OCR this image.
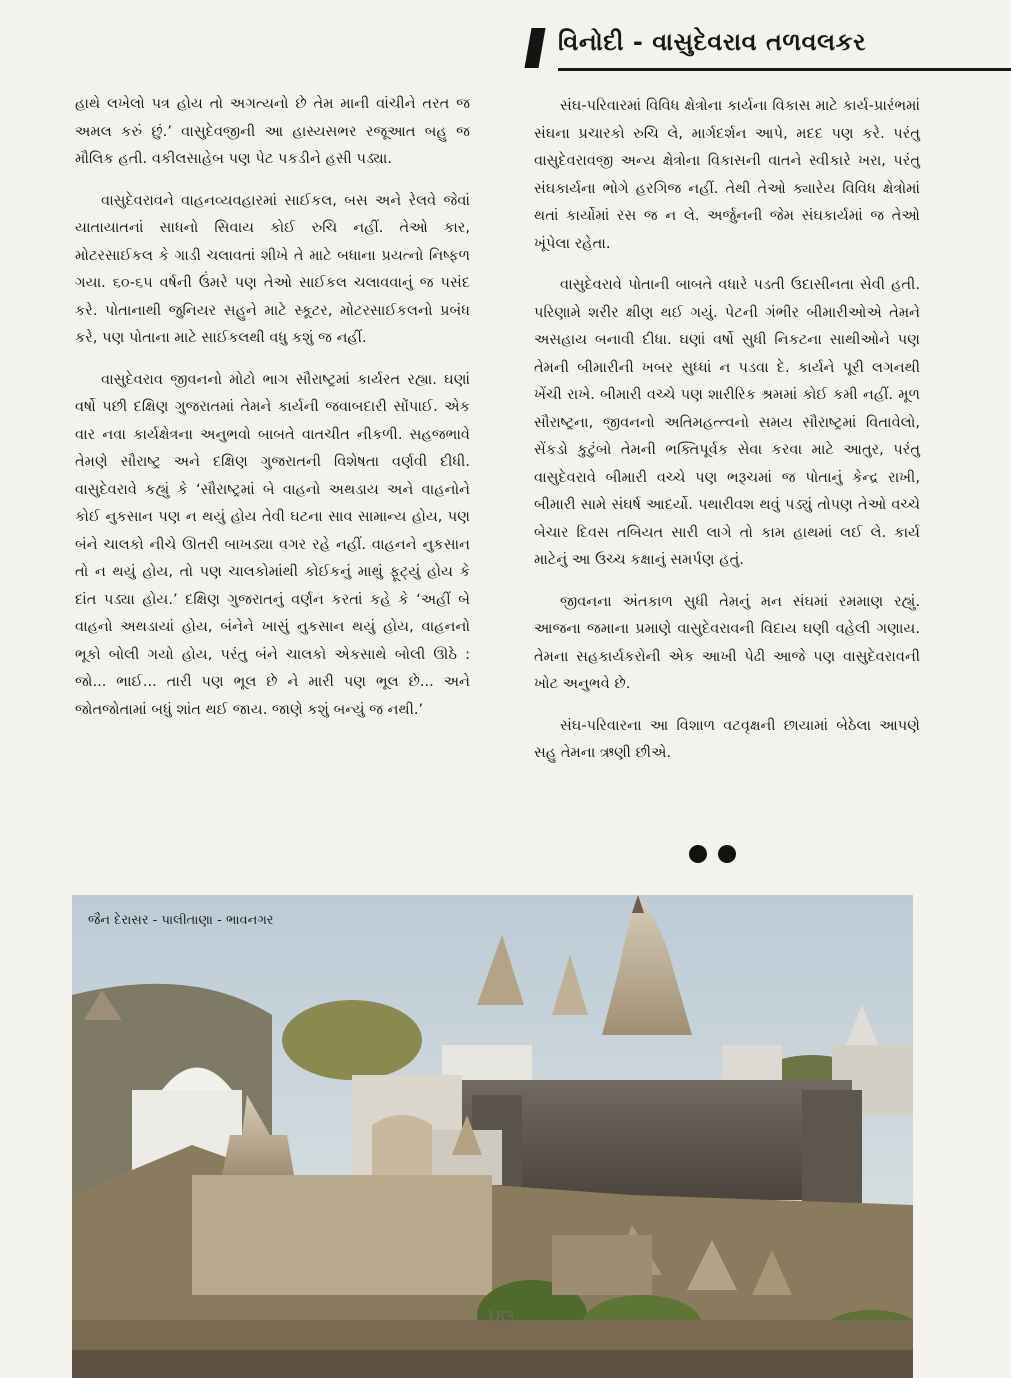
વિનોદી - વાસુદેવરાવ તળવલકર

હાથે લખેલો પત્ર હોય તો અગત્યનો છે તેમ માની વાંચીને તરત જ અમલ કરું છું.’ વાસુદેવજીની આ હાસ્યસભર રજૂઆત બહુ જ મૌલિક હતી. વકીલસાહેબ પણ પેટ પકડીને હસી પડ્યા.

વાસુદેવરાવને વાહનવ્યવહારમાં સાઈકલ, બસ અને રેલવે જેવાં યાતાયાતનાં સાધનો સિવાય કોઈ રુચિ નહીં. તેઓ કાર, મોટરસાઈકલ કે ગાડી ચલાવતાં શીખે તે માટે બધાના પ્રયત્નો નિષ્ફળ ગયા. ૬૦-૬૫ વર્ષની ઉંમરે પણ તેઓ સાઈકલ ચલાવવાનું જ પસંદ કરે. પોતાનાથી જુનિયર સહુને માટે સ્કૂટર, મોટરસાઈકલનો પ્રબંધ કરે, પણ પોતાના માટે સાઈકલથી વધુ કશું જ નહીં.

વાસુદેવરાવ જીવનનો મોટો ભાગ સૌરાષ્ટ્રમાં કાર્યરત રહ્યા. ઘણાં વર્ષો પછી દક્ષિણ ગુજરાતમાં તેમને કાર્યની જવાબદારી સોંપાઈ. એક વાર નવા કાર્યક્ષેત્રના અનુભવો બાબતે વાતચીત નીકળી. સહજભાવે તેમણે સૌરાષ્ટ્ર અને દક્ષિણ ગુજરાતની વિશેષતા વર્ણવી દીધી. વાસુદેવરાવે કહ્યું કે ‘સૌરાષ્ટ્રમાં બે વાહનો અથડાય અને વાહનોને કોઈ નુકસાન પણ ન થયું હોય તેવી ઘટના સાવ સામાન્ય હોય, પણ બંને ચાલકો નીચે ઊતરી બાખડ્યા વગર રહે નહીં. વાહનને નુકસાન તો ન થયું હોય, તો પણ ચાલકોમાંથી કોઈકનું માથું ફૂટ્યું હોય કે દાંત પડ્યા હોય.’ દક્ષિણ ગુજરાતનું વર્ણન કરતાં કહે કે ‘અહીં બે વાહનો અથડાયાં હોય, બંનેને ખાસું નુકસાન થયું હોય, વાહનનો ભૂકો બોલી ગયો હોય, પરંતુ બંને ચાલકો એકસાથે બોલી ઊઠે : જો... ભાઈ... તારી પણ ભૂલ છે ને મારી પણ ભૂલ છે... અને જોતજોતામાં બધું શાંત થઈ જાય. જાણે કશું બન્યું જ નથી.’

સંઘ-પરિવારમાં વિવિધ ક્ષેત્રોના કાર્યના વિકાસ માટે કાર્ય-પ્રારંભમાં સંઘના પ્રચારકો રુચિ લે, માર્ગદર્શન આપે, મદદ પણ કરે. પરંતુ વાસુદેવરાવજી અન્ય ક્ષેત્રોના વિકાસની વાતને સ્વીકારે ખરા, પરંતુ સંઘકાર્યના ભોગે હરગિજ નહીં. તેથી તેઓ ક્યારેય વિવિધ ક્ષેત્રોમાં થતાં કાર્યોમાં રસ જ ન લે. અર્જુનની જેમ સંઘકાર્યમાં જ તેઓ ખૂંપેલા રહેતા.

વાસુદેવરાવે પોતાની બાબતે વધારે પડતી ઉદાસીનતા સેવી હતી. પરિણામે શરીર ક્ષીણ થઈ ગયું. પેટની ગંભીર બીમારીઓએ તેમને અસહાય બનાવી દીધા. ઘણાં વર્ષો સુધી નિકટના સાથીઓને પણ તેમની બીમારીની ખબર સુધ્ધાં ન પડવા દે. કાર્યને પૂરી લગનથી ખેંચી રાખે. બીમારી વચ્ચે પણ શારીરિક શ્રમમાં કોઈ કમી નહીં. મૂળ સૌરાષ્ટ્રના, જીવનનો અતિમહત્ત્વનો સમય સૌરાષ્ટ્રમાં વિતાવેલો, સેંકડો કુટુંબો તેમની ભક્તિપૂર્વક સેવા કરવા માટે આતુર, પરંતુ વાસુદેવરાવે બીમારી વચ્ચે પણ ભરૂચમાં જ પોતાનું કેન્દ્ર રાખી, બીમારી સામે સંઘર્ષ આદર્યો. પથારીવશ થવું પડ્યું તોપણ તેઓ વચ્ચે બેચાર દિવસ તબિયત સારી લાગે તો કામ હાથમાં લઈ લે. કાર્ય માટેનું આ ઉચ્ચ કક્ષાનું સમર્પણ હતું.

જીવનના અંતકાળ સુધી તેમનું મન સંઘમાં રમમાણ રહ્યું. આજના જમાના પ્રમાણે વાસુદેવરાવની વિદાય ઘણી વહેલી ગણાય. તેમના સહકાર્યકરોની એક આખી પેઢી આજે પણ વાસુદેવરાવની ખોટ અનુભવે છે.

સંઘ-પરિવારના આ વિશાળ વટવૃક્ષની છાયામાં બેઠેલા આપણે સહુ તેમના ઋણી છીએ.

જૈન દેરાસર - પાલીતાણા - ભાવનગર
183
